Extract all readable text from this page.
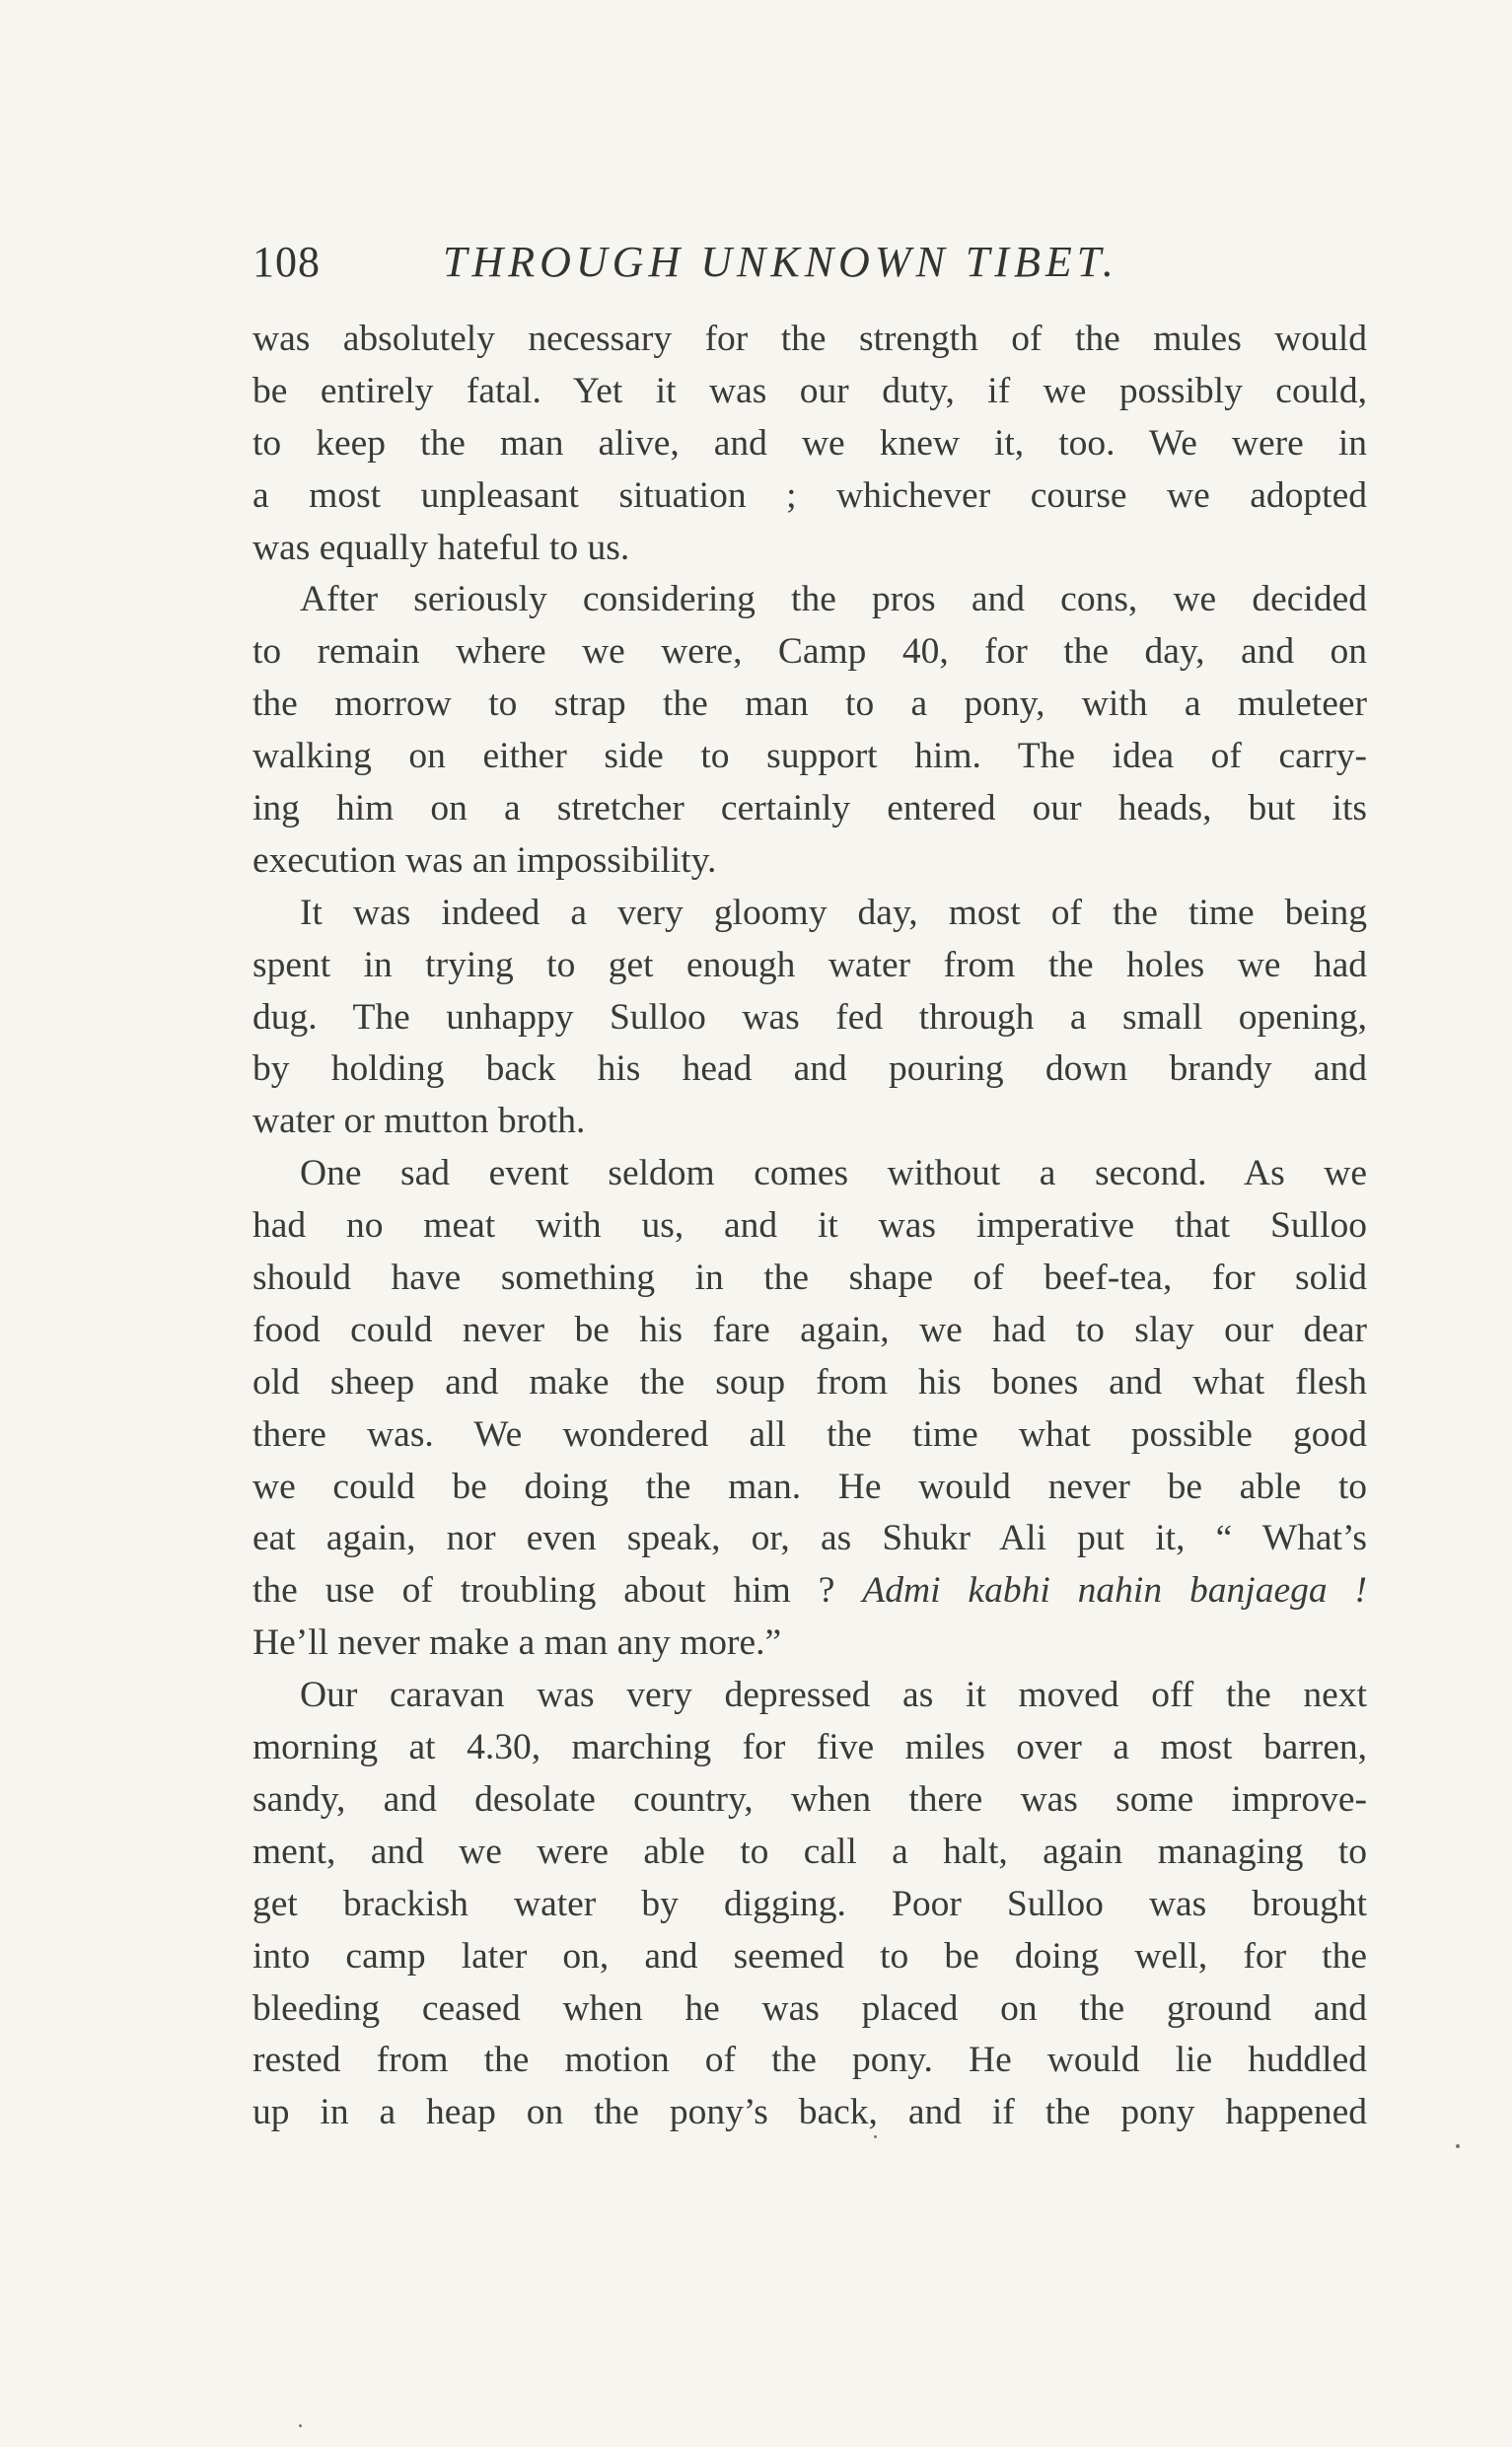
108	THROUGH UNKNOWN TIBET.
was absolutely necessary for the strength of the mules would
be entirely fatal. Yet it was our duty, if we possibly could,
to keep the man alive, and we knew it, too. We were in
a most unpleasant situation ; whichever course we adopted
was equally hateful to us.
After seriously considering the pros and cons, we decided
to remain where we were, Camp 40, for the day, and on
the morrow to strap the man to a pony, with a muleteer
walking on either side to support him. The idea of carry-
ing him on a stretcher certainly entered our heads, but its
execution was an impossibility.
It was indeed a very gloomy day, most of the time being
spent in trying to get enough water from the holes we had
dug. The unhappy Sulloo was fed through a small opening,
by holding back his head and pouring down brandy and
water or mutton broth.
One sad event seldom comes without a second. As we
had no meat with us, and it was imperative that Sulloo
should have something in the shape of beef-tea, for solid
food could never be his fare again, we had to slay our dear
old sheep and make the soup from his bones and what flesh
there was. We wondered all the time what possible good
we could be doing the man. He would never be able to
eat again, nor even speak, or, as Shukr Ali put it, “ What’s
the use of troubling about him ? Admi kabhi nahin banjaega !
He’ll never make a man any more.”
Our caravan was very depressed as it moved off the next
morning at 4.30, marching for five miles over a most barren,
sandy, and desolate country, when there was some improve-
ment, and we were able to call a halt, again managing to
get brackish water by digging. Poor Sulloo was brought
into camp later on, and seemed to be doing well, for the
bleeding ceased when he was placed on the ground and
rested from the motion of the pony. He would lie huddled
up in a heap on the pony’s back, and if the pony happened
